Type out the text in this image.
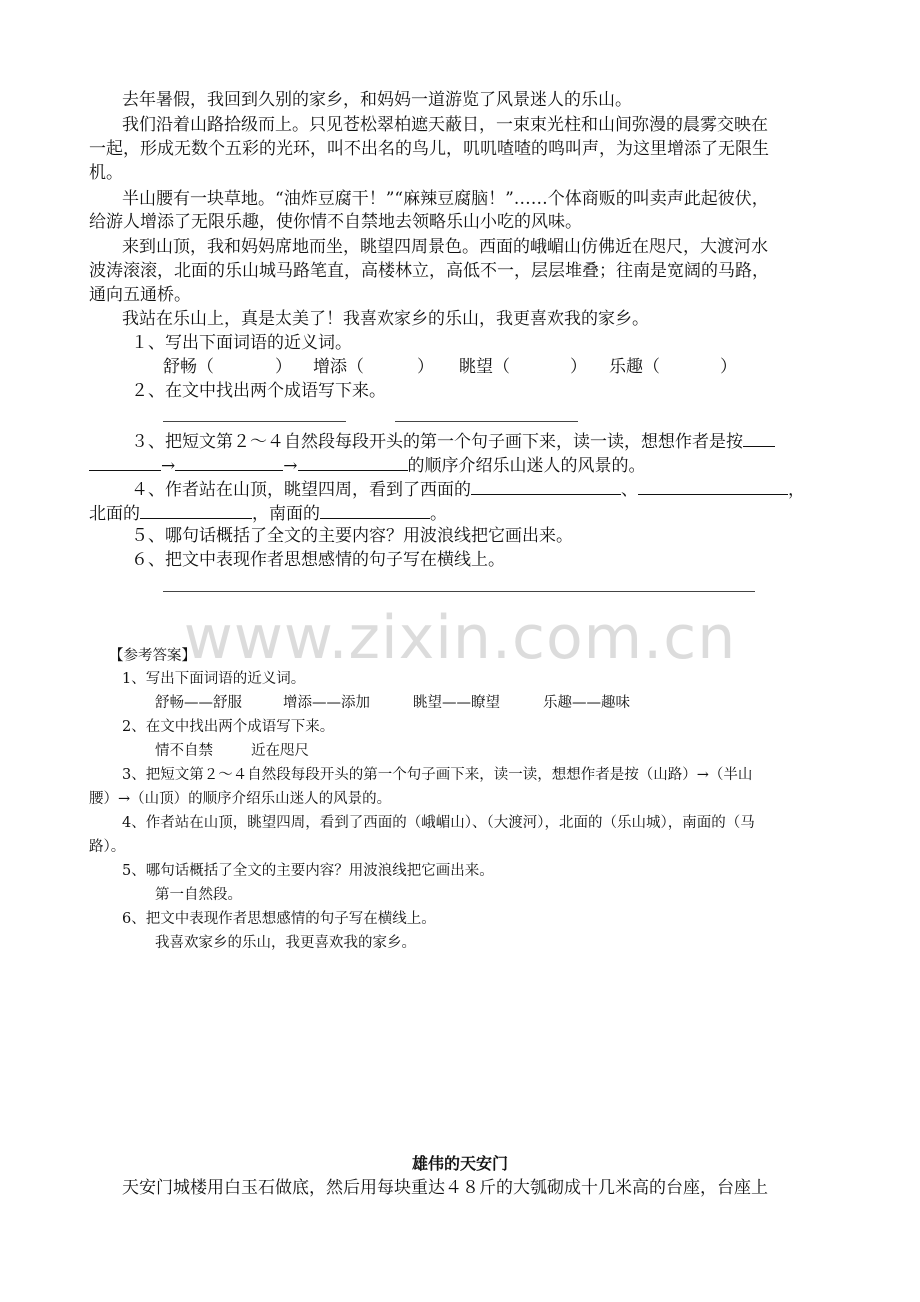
www.zixin.com.cn
去年暑假，我回到久别的家乡，和妈妈一道游览了风景迷人的乐山。
我们沿着山路拾级而上。只见苍松翠柏遮天蔽日，一束束光柱和山间弥漫的晨雾交映在
一起，形成无数个五彩的光环，叫不出名的鸟儿，叽叽喳喳的鸣叫声，为这里增添了无限生
机。
半山腰有一块草地。“油炸豆腐干！”“麻辣豆腐脑！”……个体商贩的叫卖声此起彼伏，
给游人增添了无限乐趣，使你情不自禁地去领略乐山小吃的风味。
来到山顶，我和妈妈席地而坐，眺望四周景色。西面的峨嵋山仿佛近在咫尺，大渡河水
波涛滚滚，北面的乐山城马路笔直，高楼林立，高低不一，层层堆叠；往南是宽阔的马路，
通向五通桥。
我站在乐山上，真是太美了！我喜欢家乡的乐山，我更喜欢我的家乡。
１、写出下面词语的近义词。
舒畅（	） 增添（	） 眺望（	） 乐趣（	）
２、在文中找出两个成语写下来。

３、把短文第２～４自然段每段开头的第一个句子画下来，读一读，想想作者是按
→	→	的顺序介绍乐山迷人的风景的。
４、作者站在山顶，眺望四周，看到了西面的	、	，
北面的	，南面的	。
５、哪句话概括了全文的主要内容？用波浪线把它画出来。
６、把文中表现作者思想感情的句子写在横线上。
【参考答案】
1、写出下面词语的近义词。
舒畅——舒服	增添——添加	眺望——瞭望	乐趣——趣味
2、在文中找出两个成语写下来。
情不自禁	近在咫尺
3、把短文第２～４自然段每段开头的第一个句子画下来，读一读，想想作者是按（山路）→（半山
腰）→（山顶）的顺序介绍乐山迷人的风景的。
4、作者站在山顶，眺望四周，看到了西面的（峨嵋山）、（大渡河），北面的（乐山城），南面的（马
路）。
5、哪句话概括了全文的主要内容？用波浪线把它画出来。
第一自然段。
6、把文中表现作者思想感情的句子写在横线上。
我喜欢家乡的乐山，我更喜欢我的家乡。
雄伟的天安门
天安门城楼用白玉石做底，然后用每块重达４８斤的大瓠砌成十几米高的台座，台座上
